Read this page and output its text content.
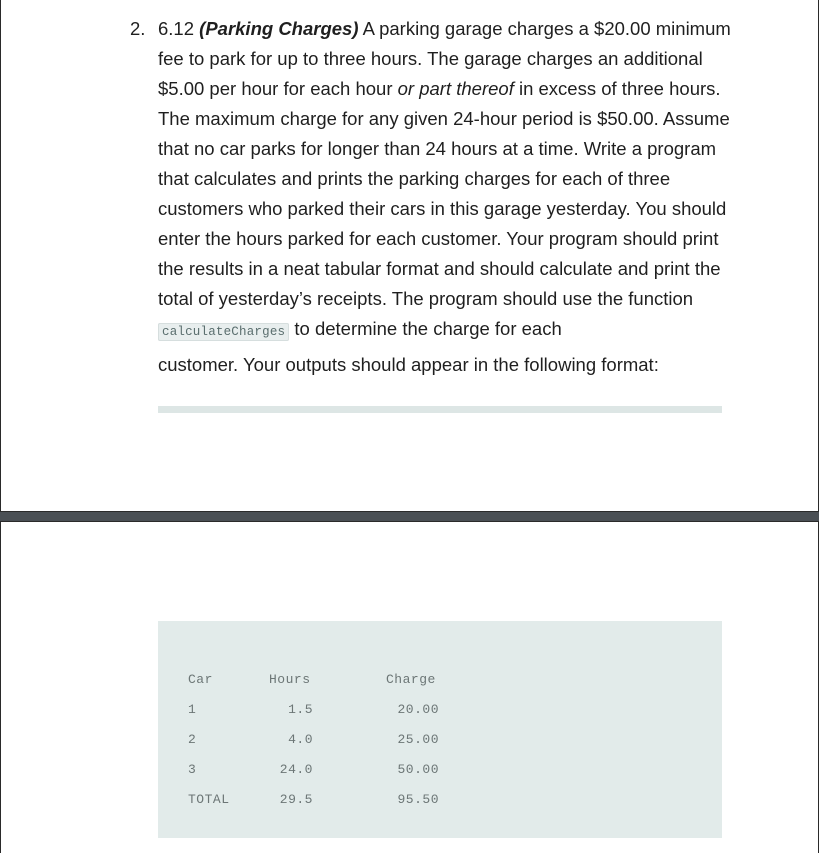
2. 6.12 (Parking Charges) A parking garage charges a $20.00 minimum fee to park for up to three hours. The garage charges an additional $5.00 per hour for each hour or part thereof in excess of three hours. The maximum charge for any given 24-hour period is $50.00. Assume that no car parks for longer than 24 hours at a time. Write a program that calculates and prints the parking charges for each of three customers who parked their cars in this garage yesterday. You should enter the hours parked for each customer. Your program should print the results in a neat tabular format and should calculate and print the total of yesterday’s receipts. The program should use the function calculateCharges to determine the charge for each
customer. Your outputs should appear in the following format:
Car	Hours	Charge
1	1.5	20.00
2	4.0	25.00
3	24.0	50.00
TOTAL	29.5	95.50
